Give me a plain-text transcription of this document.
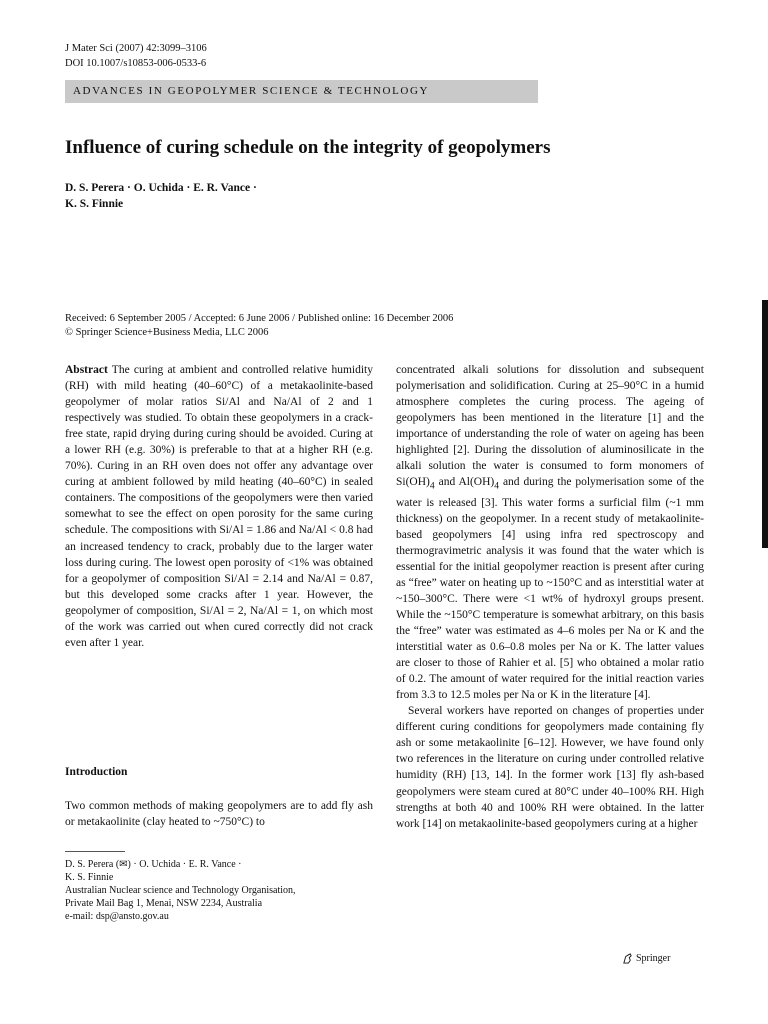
J Mater Sci (2007) 42:3099–3106
DOI 10.1007/s10853-006-0533-6
ADVANCES IN GEOPOLYMER SCIENCE & TECHNOLOGY
Influence of curing schedule on the integrity of geopolymers
D. S. Perera · O. Uchida · E. R. Vance ·
K. S. Finnie
Received: 6 September 2005 / Accepted: 6 June 2006 / Published online: 16 December 2006
© Springer Science+Business Media, LLC 2006

Abstract The curing at ambient and controlled relative humidity (RH) with mild heating (40–60°C) of a metakaolinite-based geopolymer of molar ratios Si/Al and Na/Al of 2 and 1 respectively was studied. To obtain these geopolymers in a crack-free state, rapid drying during curing should be avoided. Curing at a lower RH (e.g. 30%) is preferable to that at a higher RH (e.g. 70%). Curing in an RH oven does not offer any advantage over curing at ambient followed by mild heating (40–60°C) in sealed containers. The compositions of the geopolymers were then varied somewhat to see the effect on open porosity for the same curing schedule. The compositions with Si/Al = 1.86 and Na/Al < 0.8 had an increased tendency to crack, probably due to the larger water loss during curing. The lowest open porosity of <1% was obtained for a geopolymer of composition Si/Al = 2.14 and Na/Al = 0.87, but this developed some cracks after 1 year. However, the geopolymer of composition, Si/Al = 2, Na/Al = 1, on which most of the work was carried out when cured correctly did not crack even after 1 year.

Introduction

Two common methods of making geopolymers are to add fly ash or metakaolinite (clay heated to ~750°C) to

D. S. Perera (✉) · O. Uchida · E. R. Vance ·
K. S. Finnie
Australian Nuclear science and Technology Organisation,
Private Mail Bag 1, Menai, NSW 2234, Australia
e-mail: dsp@ansto.gov.au

concentrated alkali solutions for dissolution and subsequent polymerisation and solidification. Curing at 25–90°C in a humid atmosphere completes the curing process. The ageing of geopolymers has been mentioned in the literature [1] and the importance of understanding the role of water on ageing has been highlighted [2]. During the dissolution of aluminosilicate in the alkali solution the water is consumed to form monomers of $Si(OH)_4$ and $Al(OH)_4$ and during the polymerisation some of the water is released [3]. This water forms a surficial film (~1 mm thickness) on the geopolymer. In a recent study of metakaolinite-based geopolymers [4] using infra red spectroscopy and thermogravimetric analysis it was found that the water which is essential for the initial geopolymer reaction is present after curing as “free” water on heating up to ~150°C and as interstitial water at ~150–300°C. There were <1 wt% of hydroxyl groups present. While the ~150°C temperature is somewhat arbitrary, on this basis the “free” water was estimated as 4–6 moles per Na or K and the interstitial water as 0.6–0.8 moles per Na or K. The latter values are closer to those of Rahier et al. [5] who obtained a molar ratio of 0.2. The amount of water required for the initial reaction varies from 3.3 to 12.5 moles per Na or K in the literature [4].

Several workers have reported on changes of properties under different curing conditions for geopolymers made containing fly ash or some metakaolinite [6–12]. However, we have found only two references in the literature on curing under controlled relative humidity (RH) [13, 14]. In the former work [13] fly ash-based geopolymers were steam cured at 80°C under 40–100% RH. High strengths at both 40 and 100% RH were obtained. In the latter work [14] on metakaolinite-based geopolymers curing at a higher

Springer
